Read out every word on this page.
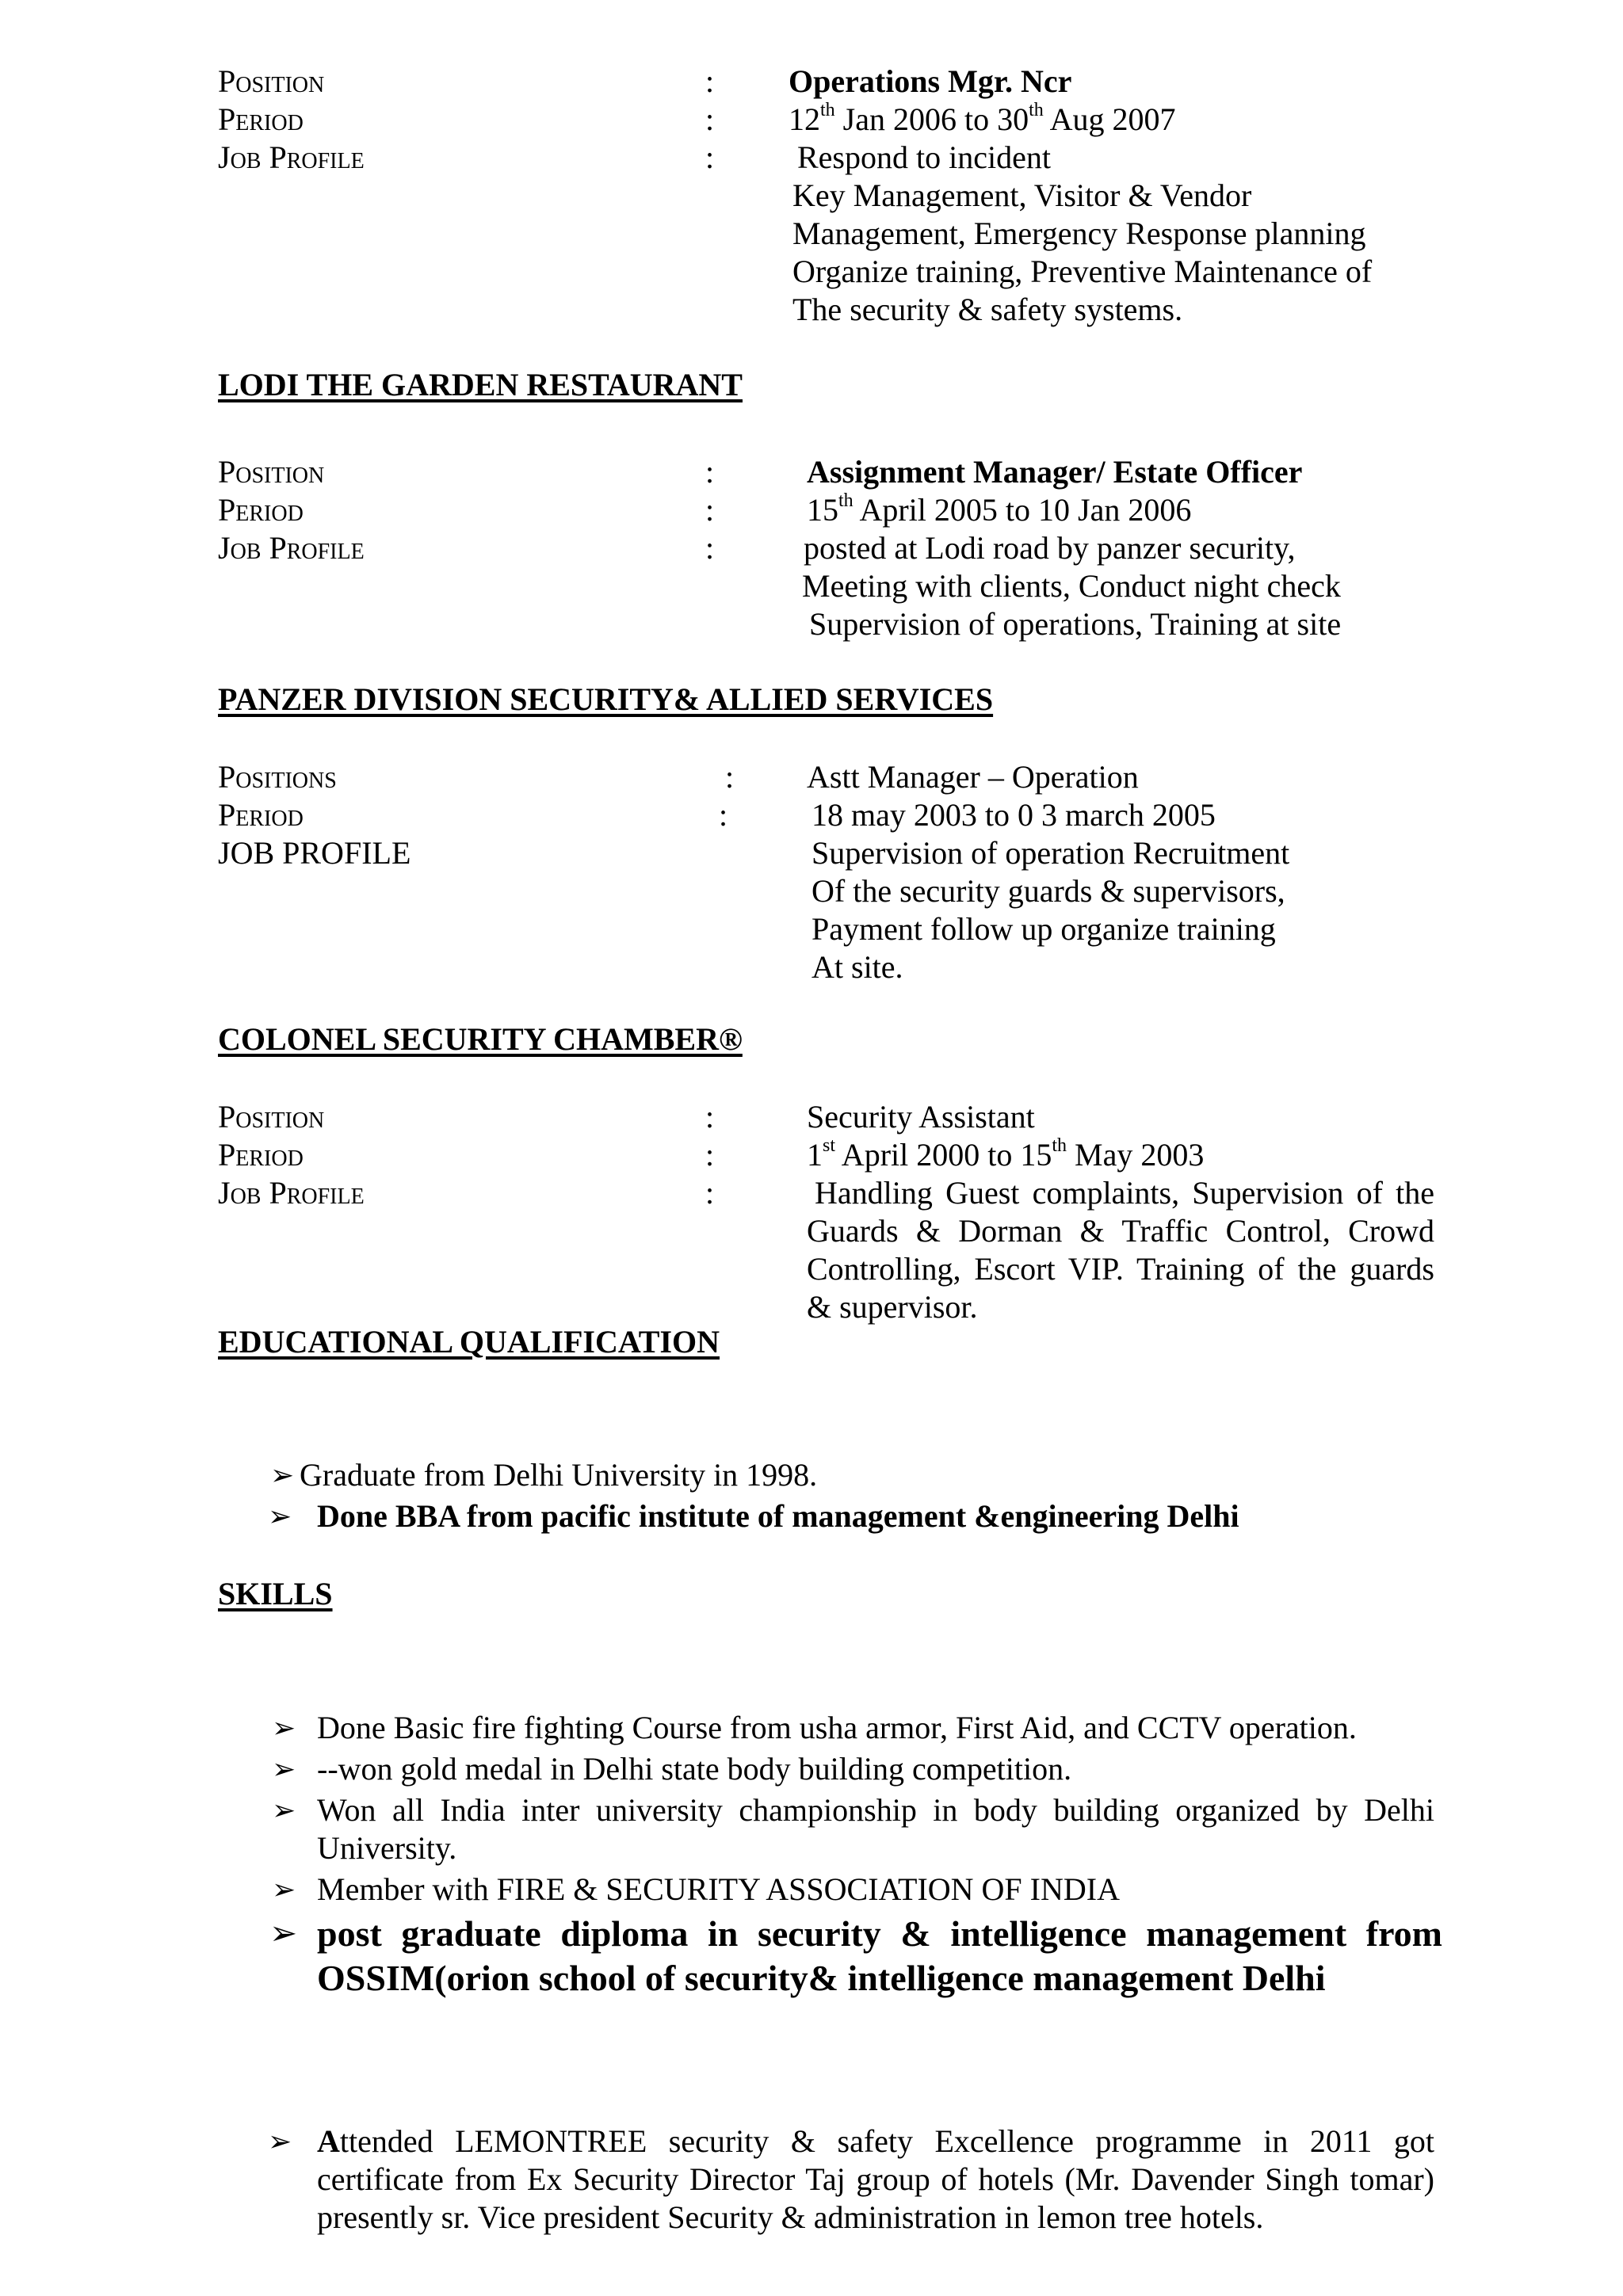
Position	: Operations Mgr. Ncr
Period	: 12th Jan 2006 to 30th Aug 2007
Job Profile	:	Respond to incident
Key Management, Visitor & Vendor
Management, Emergency Response planning
Organize training, Preventive Maintenance of
The security & safety systems.
LODI THE GARDEN RESTAURANT
Position	:	Assignment Manager/ Estate Officer
Period	:	15th April 2005 to 10 Jan 2006
Job Profile	:	posted at Lodi road by panzer security,
Meeting with clients, Conduct night check
Supervision of operations, Training at site
PANZER DIVISION SECURITY& ALLIED SERVICES
Positions	: Astt Manager – Operation
Period	:	18 may 2003 to 0 3 march 2005
JOB PROFILE	Supervision of operation Recruitment
Of the security guards & supervisors,
Payment follow up organize training
At site.
COLONEL SECURITY CHAMBER®
Position	:	Security Assistant
Period	:	1st April 2000 to 15th May 2003
Job Profile	:	Handling Guest complaints, Supervision of the
Guards & Dorman & Traffic Control, Crowd
Controlling, Escort VIP. Training of the guards
& supervisor.
EDUCATIONAL QUALIFICATION
➢ Graduate from Delhi University in 1998.
➢ Done BBA from pacific institute of management &engineering Delhi
SKILLS
➢ Done Basic fire fighting Course from usha armor, First Aid, and CCTV operation.
➢ --won gold medal in Delhi state body building competition.
➢ Won all India inter university championship in body building organized by Delhi University.
➢ Member with FIRE & SECURITY ASSOCIATION OF INDIA
➢ post graduate diploma in security & intelligence management from OSSIM(orion school of security& intelligence management Delhi
➢ Attended LEMONTREE security & safety Excellence programme in 2011 got certificate from Ex Security Director Taj group of hotels (Mr. Davender Singh tomar) presently sr. Vice president Security & administration in lemon tree hotels.
